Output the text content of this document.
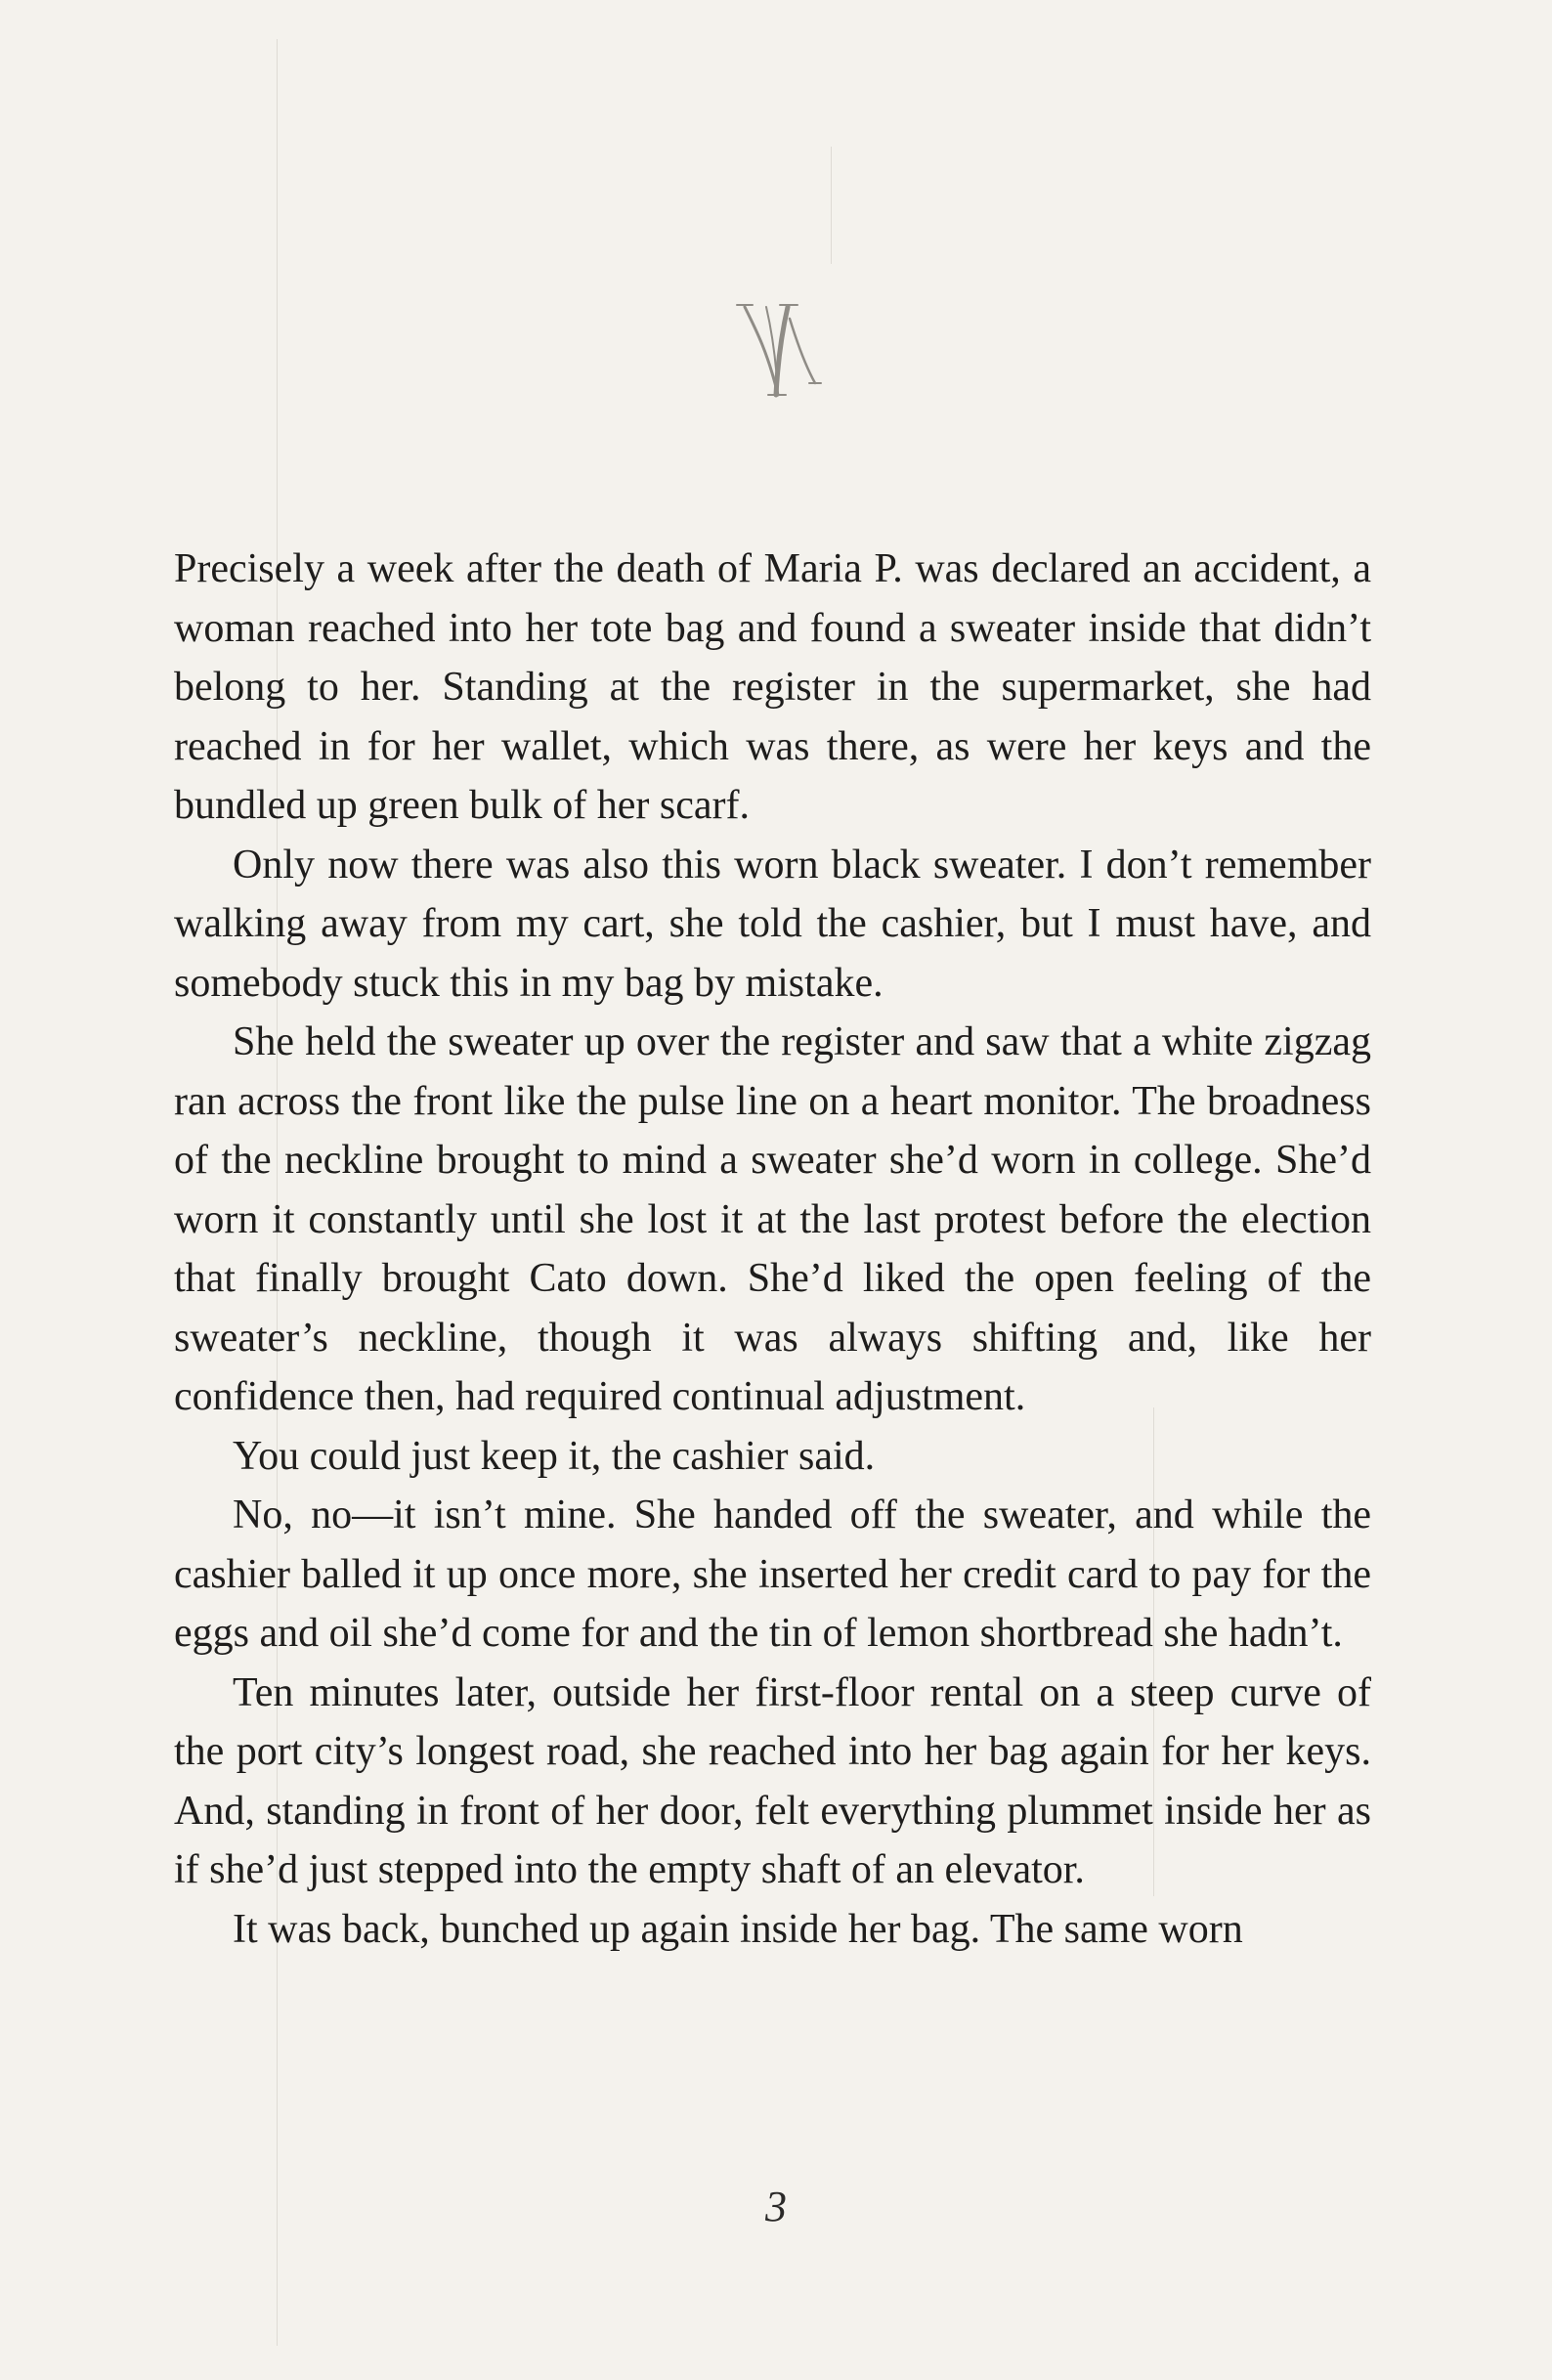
Precisely a week after the death of Maria P. was declared an accident, a woman reached into her tote bag and found a sweater inside that didn’t belong to her. Standing at the register in the supermarket, she had reached in for her wallet, which was there, as were her keys and the bundled up green bulk of her scarf.

Only now there was also this worn black sweater. I don’t remember walking away from my cart, she told the cashier, but I must have, and somebody stuck this in my bag by mistake.

She held the sweater up over the register and saw that a white zigzag ran across the front like the pulse line on a heart monitor. The broadness of the neckline brought to mind a sweater she’d worn in college. She’d worn it constantly until she lost it at the last protest before the election that finally brought Cato down. She’d liked the open feeling of the sweater’s neckline, though it was always shifting and, like her confidence then, had required continual adjustment.

You could just keep it, the cashier said.

No, no—it isn’t mine. She handed off the sweater, and while the cashier balled it up once more, she inserted her credit card to pay for the eggs and oil she’d come for and the tin of lemon shortbread she hadn’t.

Ten minutes later, outside her first-floor rental on a steep curve of the port city’s longest road, she reached into her bag again for her keys. And, standing in front of her door, felt everything plummet inside her as if she’d just stepped into the empty shaft of an elevator.

It was back, bunched up again inside her bag. The same worn

3
